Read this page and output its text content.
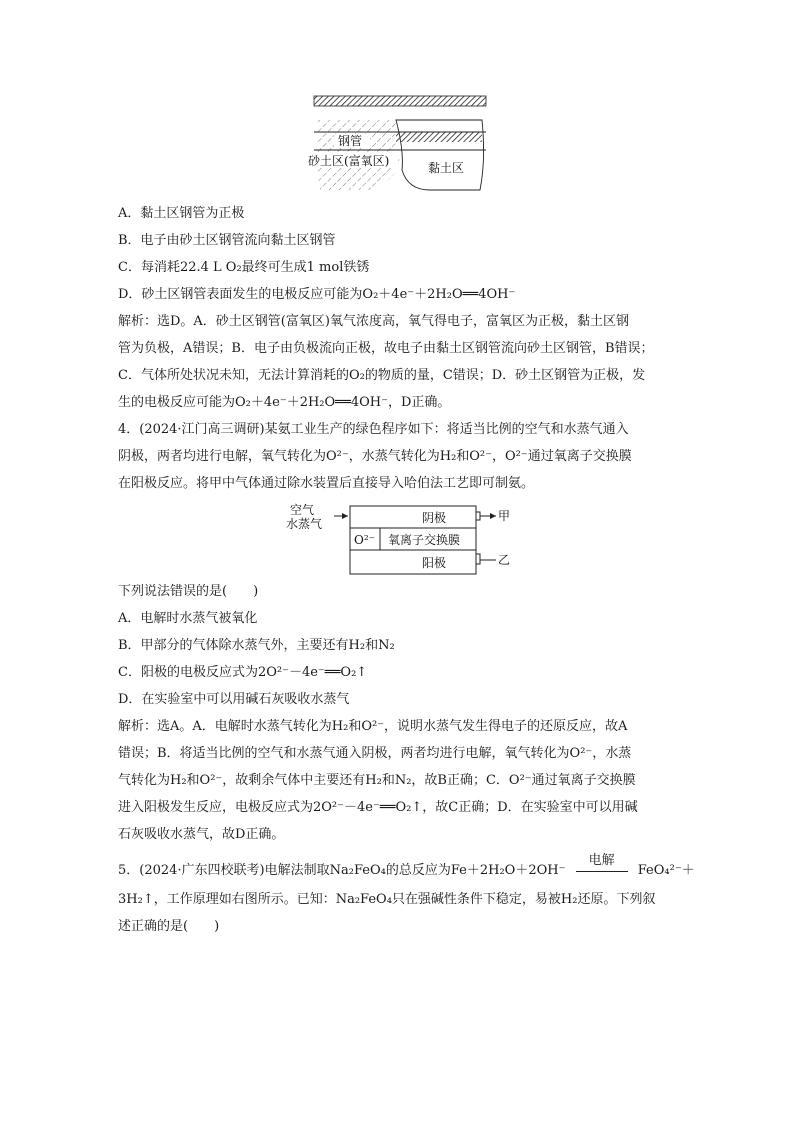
钢管
砂土区(富氧区)	黏土区
A．黏土区钢管为正极
B．电子由砂土区钢管流向黏土区钢管
C．每消耗22.4 L O₂最终可生成1 mol铁锈
D．砂土区钢管表面发生的电极反应可能为O₂＋4e⁻＋2H₂O══4OH⁻
解析：选D。A．砂土区钢管(富氧区)氧气浓度高，氧气得电子，富氧区为正极，黏土区钢
管为负极，A错误；B．电子由负极流向正极，故电子由黏土区钢管流向砂土区钢管，B错误；
C．气体所处状况未知，无法计算消耗的O₂的物质的量，C错误；D．砂土区钢管为正极，发
生的电极反应可能为O₂＋4e⁻＋2H₂O══4OH⁻，D正确。
4．(2024·江门高三调研)某氨工业生产的绿色程序如下：将适当比例的空气和水蒸气通入
阴极，两者均进行电解，氧气转化为O²⁻，水蒸气转化为H₂和O²⁻，O²⁻通过氧离子交换膜
在阳极反应。将甲中气体通过除水装置后直接导入哈伯法工艺即可制氨。
空气
水蒸气	阴极
O²⁻ 氧离子交换膜
阳极
甲
乙
下列说法错误的是(　　)
A．电解时水蒸气被氧化
B．甲部分的气体除水蒸气外，主要还有H₂和N₂
C．阳极的电极反应式为2O²⁻－4e⁻══O₂↑
D．在实验室中可以用碱石灰吸收水蒸气
解析：选A。A．电解时水蒸气转化为H₂和O²⁻，说明水蒸气发生得电子的还原反应，故A
错误；B．将适当比例的空气和水蒸气通入阴极，两者均进行电解，氧气转化为O²⁻，水蒸
气转化为H₂和O²⁻，故剩余气体中主要还有H₂和N₂，故B正确；C．O²⁻通过氧离子交换膜
进入阳极发生反应，电极反应式为2O²⁻－4e⁻══O₂↑，故C正确；D．在实验室中可以用碱
石灰吸收水蒸气，故D正确。
5．(2024·广东四校联考)电解法制取Na₂FeO₄的总反应为Fe＋2H₂O＋2OH⁻
电解
FeO₄²⁻＋
3H₂↑，工作原理如右图所示。已知：Na₂FeO₄只在强碱性条件下稳定，易被H₂还原。下列叙
述正确的是(　　)
